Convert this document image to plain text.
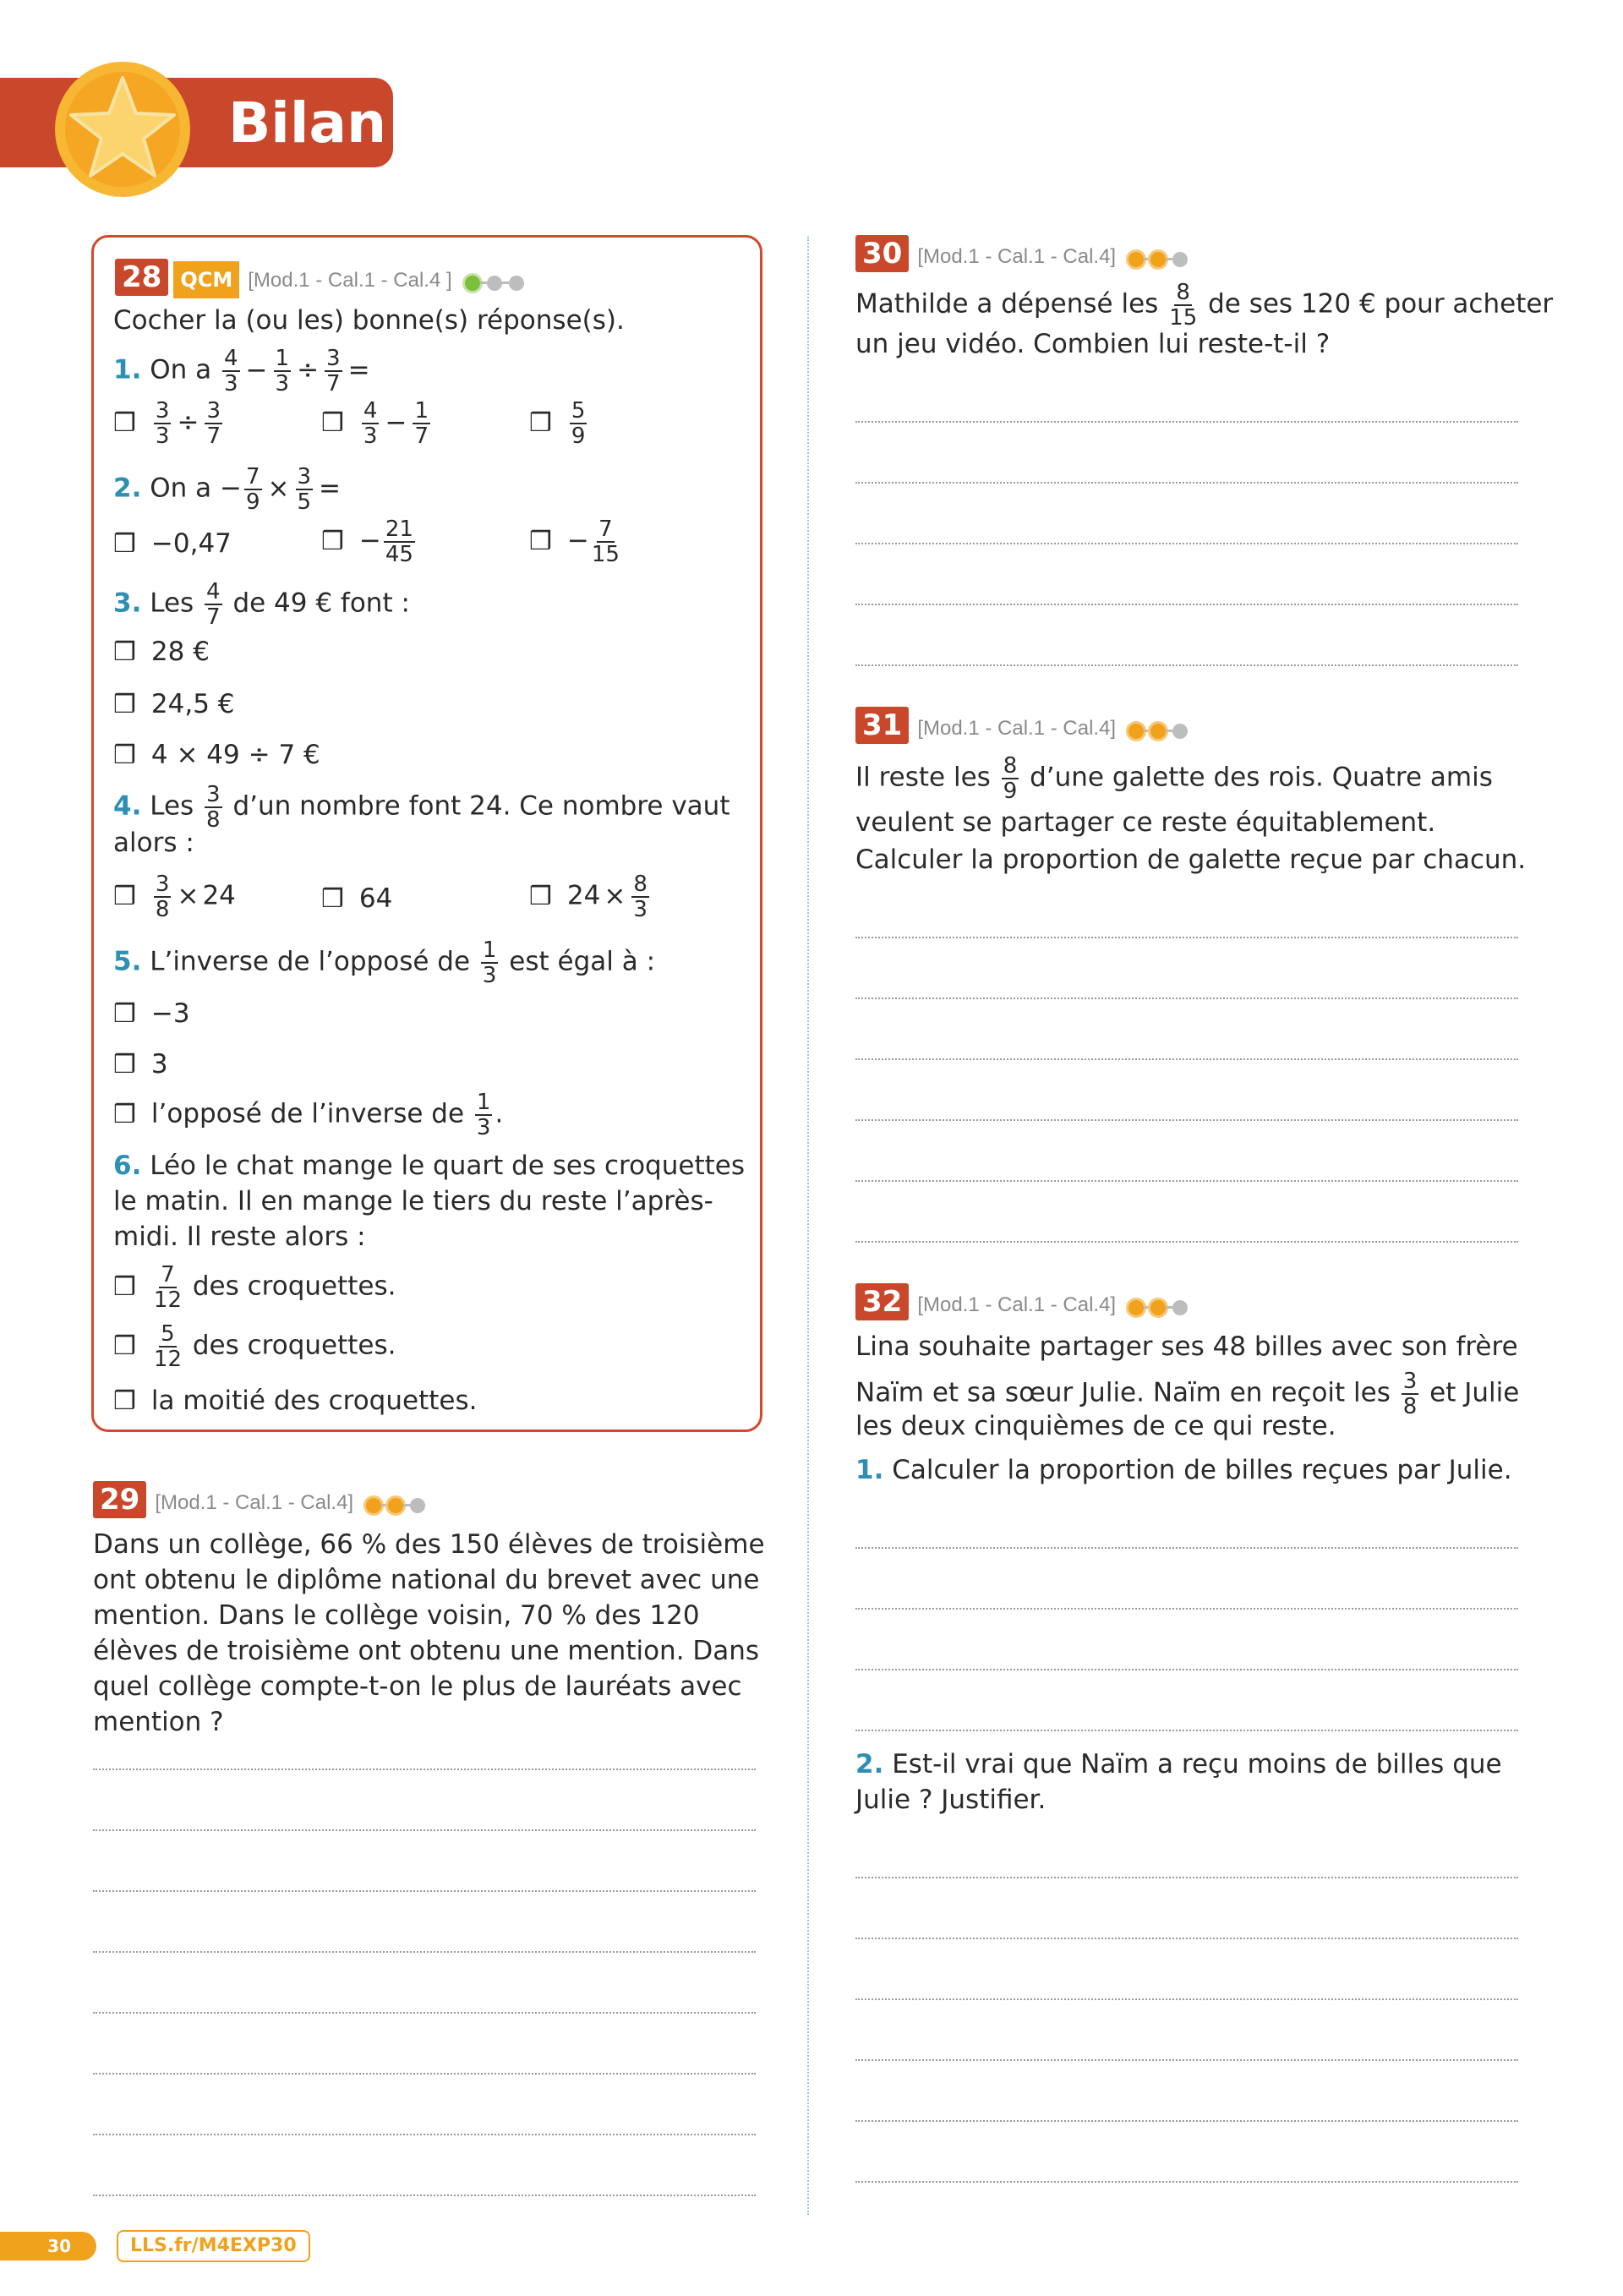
Bilan
28 QCM [Mod.1 - Cal.1 - Cal.4 ]
Cocher la (ou les) bonne(s) réponse(s).
1. On a $\frac{4}{3} - \frac{1}{3} \div \frac{3}{7}$ =
❒ $\frac{3}{3} \div \frac{3}{7}$	❒ $\frac{4}{3} - \frac{1}{7}$	❒ $\frac{5}{9}$
2. On $a - \frac{7}{9} \times \frac{3}{5}$ =
❒ −0,47	❒ − $\frac{21}{45}$	❒ − $\frac{7}{15}$
3. Les $\frac{4}{7}$ de 49 € font :
❒ 28 €
❒ 24,5 €
❒ 4 × 49 ÷ 7 €
4. Les $\frac{3}{8}$ d’un nombre font 24. Ce nombre vaut
alors :
❒ $\frac{3}{8} \times 24$	❒ 64	❒ $24 \times \frac{8}{3}$
5. L’inverse de l’opposé de $\frac{1}{3}$ est égal à :
❒ −3
❒ 3
❒ l’opposé de l’inverse de $\frac{1}{3}$ .
6. Léo le chat mange le quart de ses croquettes le matin. Il en mange le tiers du reste l’après-midi. Il reste alors :
❒ $\frac{7}{12}$ des croquettes.
❒ $\frac{5}{12}$ des croquettes.
❒ la moitié des croquettes.
29 [Mod.1 - Cal.1 - Cal.4]
Dans un collège, 66 % des 150 élèves de troisième ont obtenu le diplôme national du brevet avec une mention. Dans le collège voisin, 70 % des 120 élèves de troisième ont obtenu une mention. Dans quel collège compte-t-on le plus de lauréats avec mention ?
30 [Mod.1 - Cal.1 - Cal.4]
Mathilde a dépensé les $\frac{8}{15}$ de ses 120 € pour acheter
un jeu vidéo. Combien lui reste-t-il ?
31 [Mod.1 - Cal.1 - Cal.4]
Il reste les $\frac{8}{9}$ d’une galette des rois. Quatre amis
veulent se partager ce reste équitablement.
Calculer la proportion de galette reçue par chacun.
32 [Mod.1 - Cal.1 - Cal.4]
Lina souhaite partager ses 48 billes avec son frère
Naïm et sa sœur Julie. Naïm en reçoit les $\frac{3}{8}$ et Julie
les deux cinquièmes de ce qui reste.
1. Calculer la proportion de billes reçues par Julie.
2. Est-il vrai que Naïm a reçu moins de billes que Julie ? Justifier.
30	LLS.fr/M4EXP30
